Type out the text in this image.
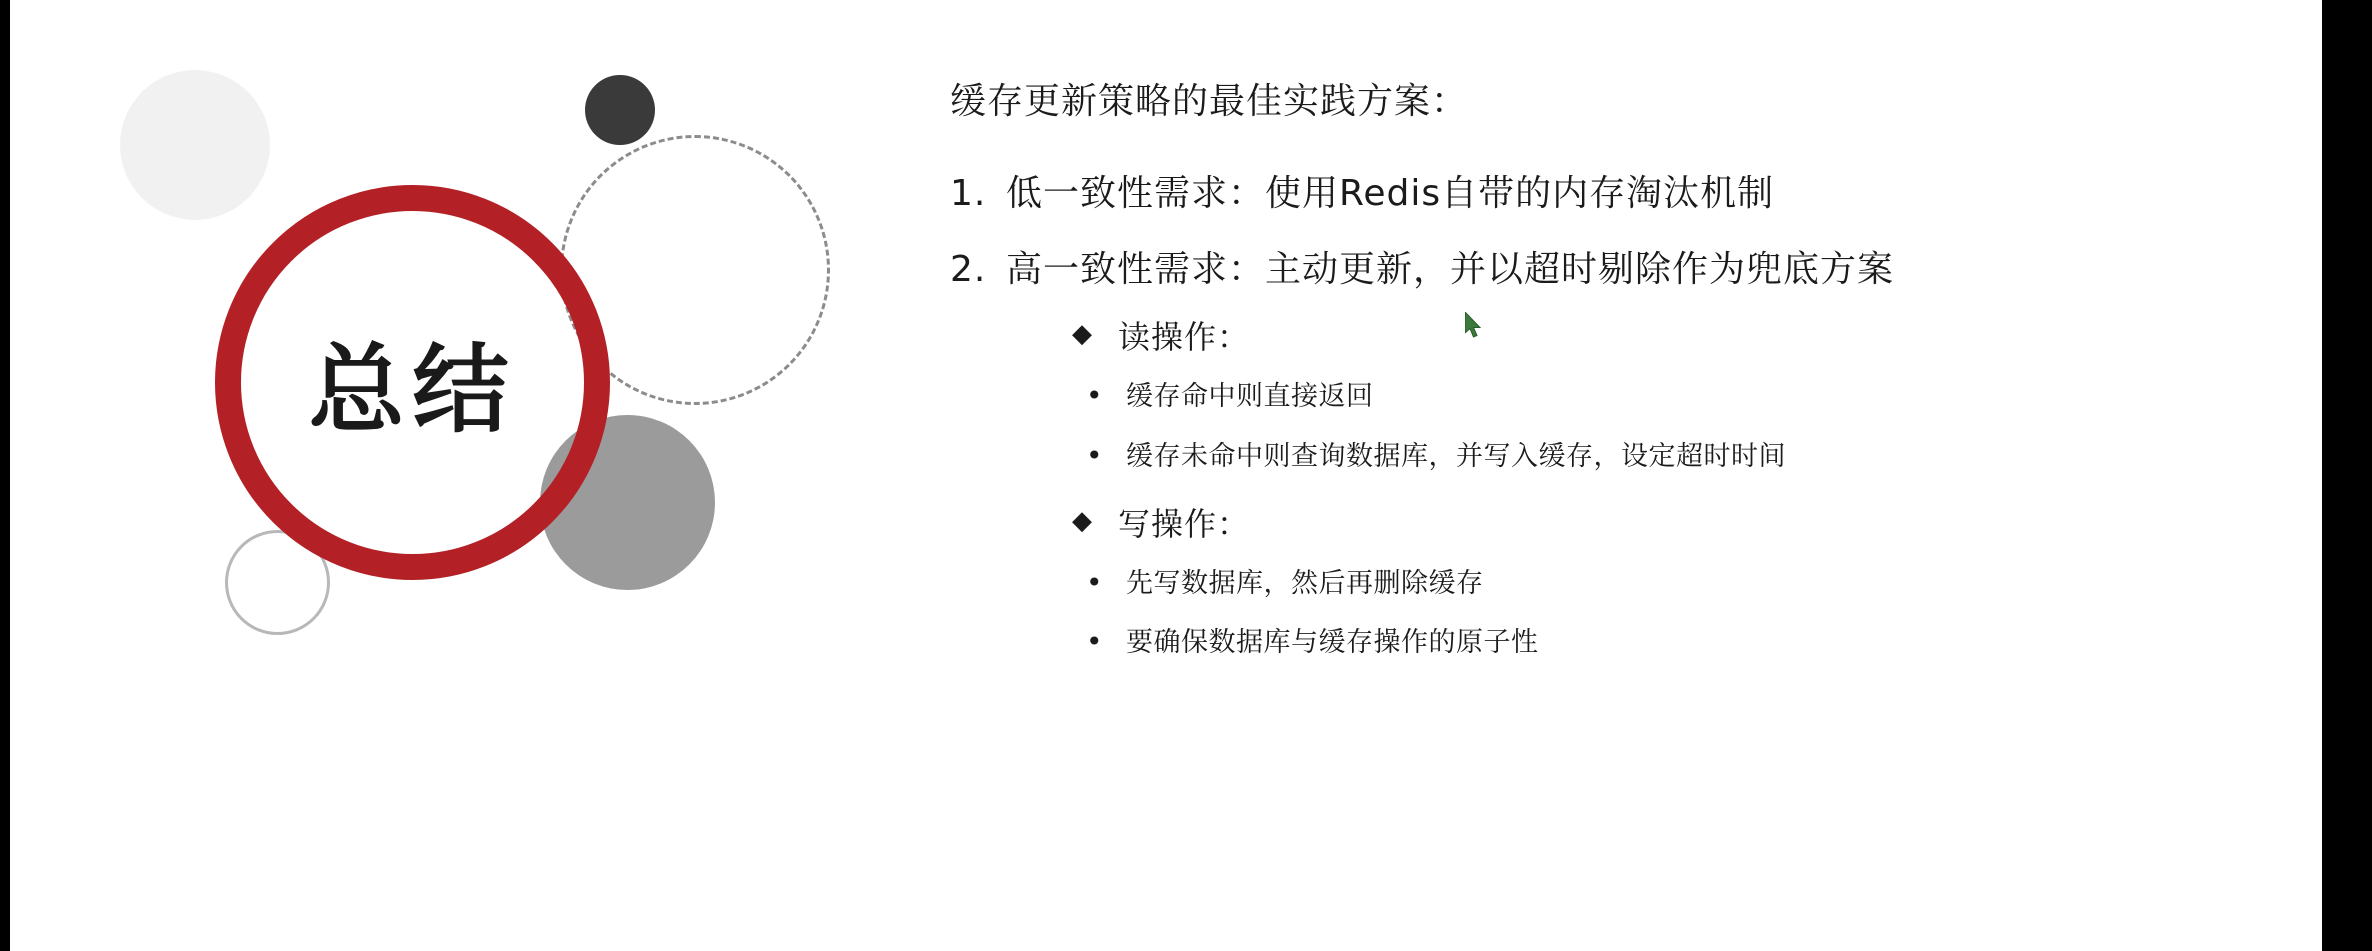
总结

缓存更新策略的最佳实践方案：

1. 低一致性需求：使用Redis自带的内存淘汰机制
2. 高一致性需求：主动更新，并以超时剔除作为兜底方案
◆ 读操作：
• 缓存命中则直接返回
• 缓存未命中则查询数据库，并写入缓存，设定超时时间
◆ 写操作：
• 先写数据库，然后再删除缓存
• 要确保数据库与缓存操作的原子性
